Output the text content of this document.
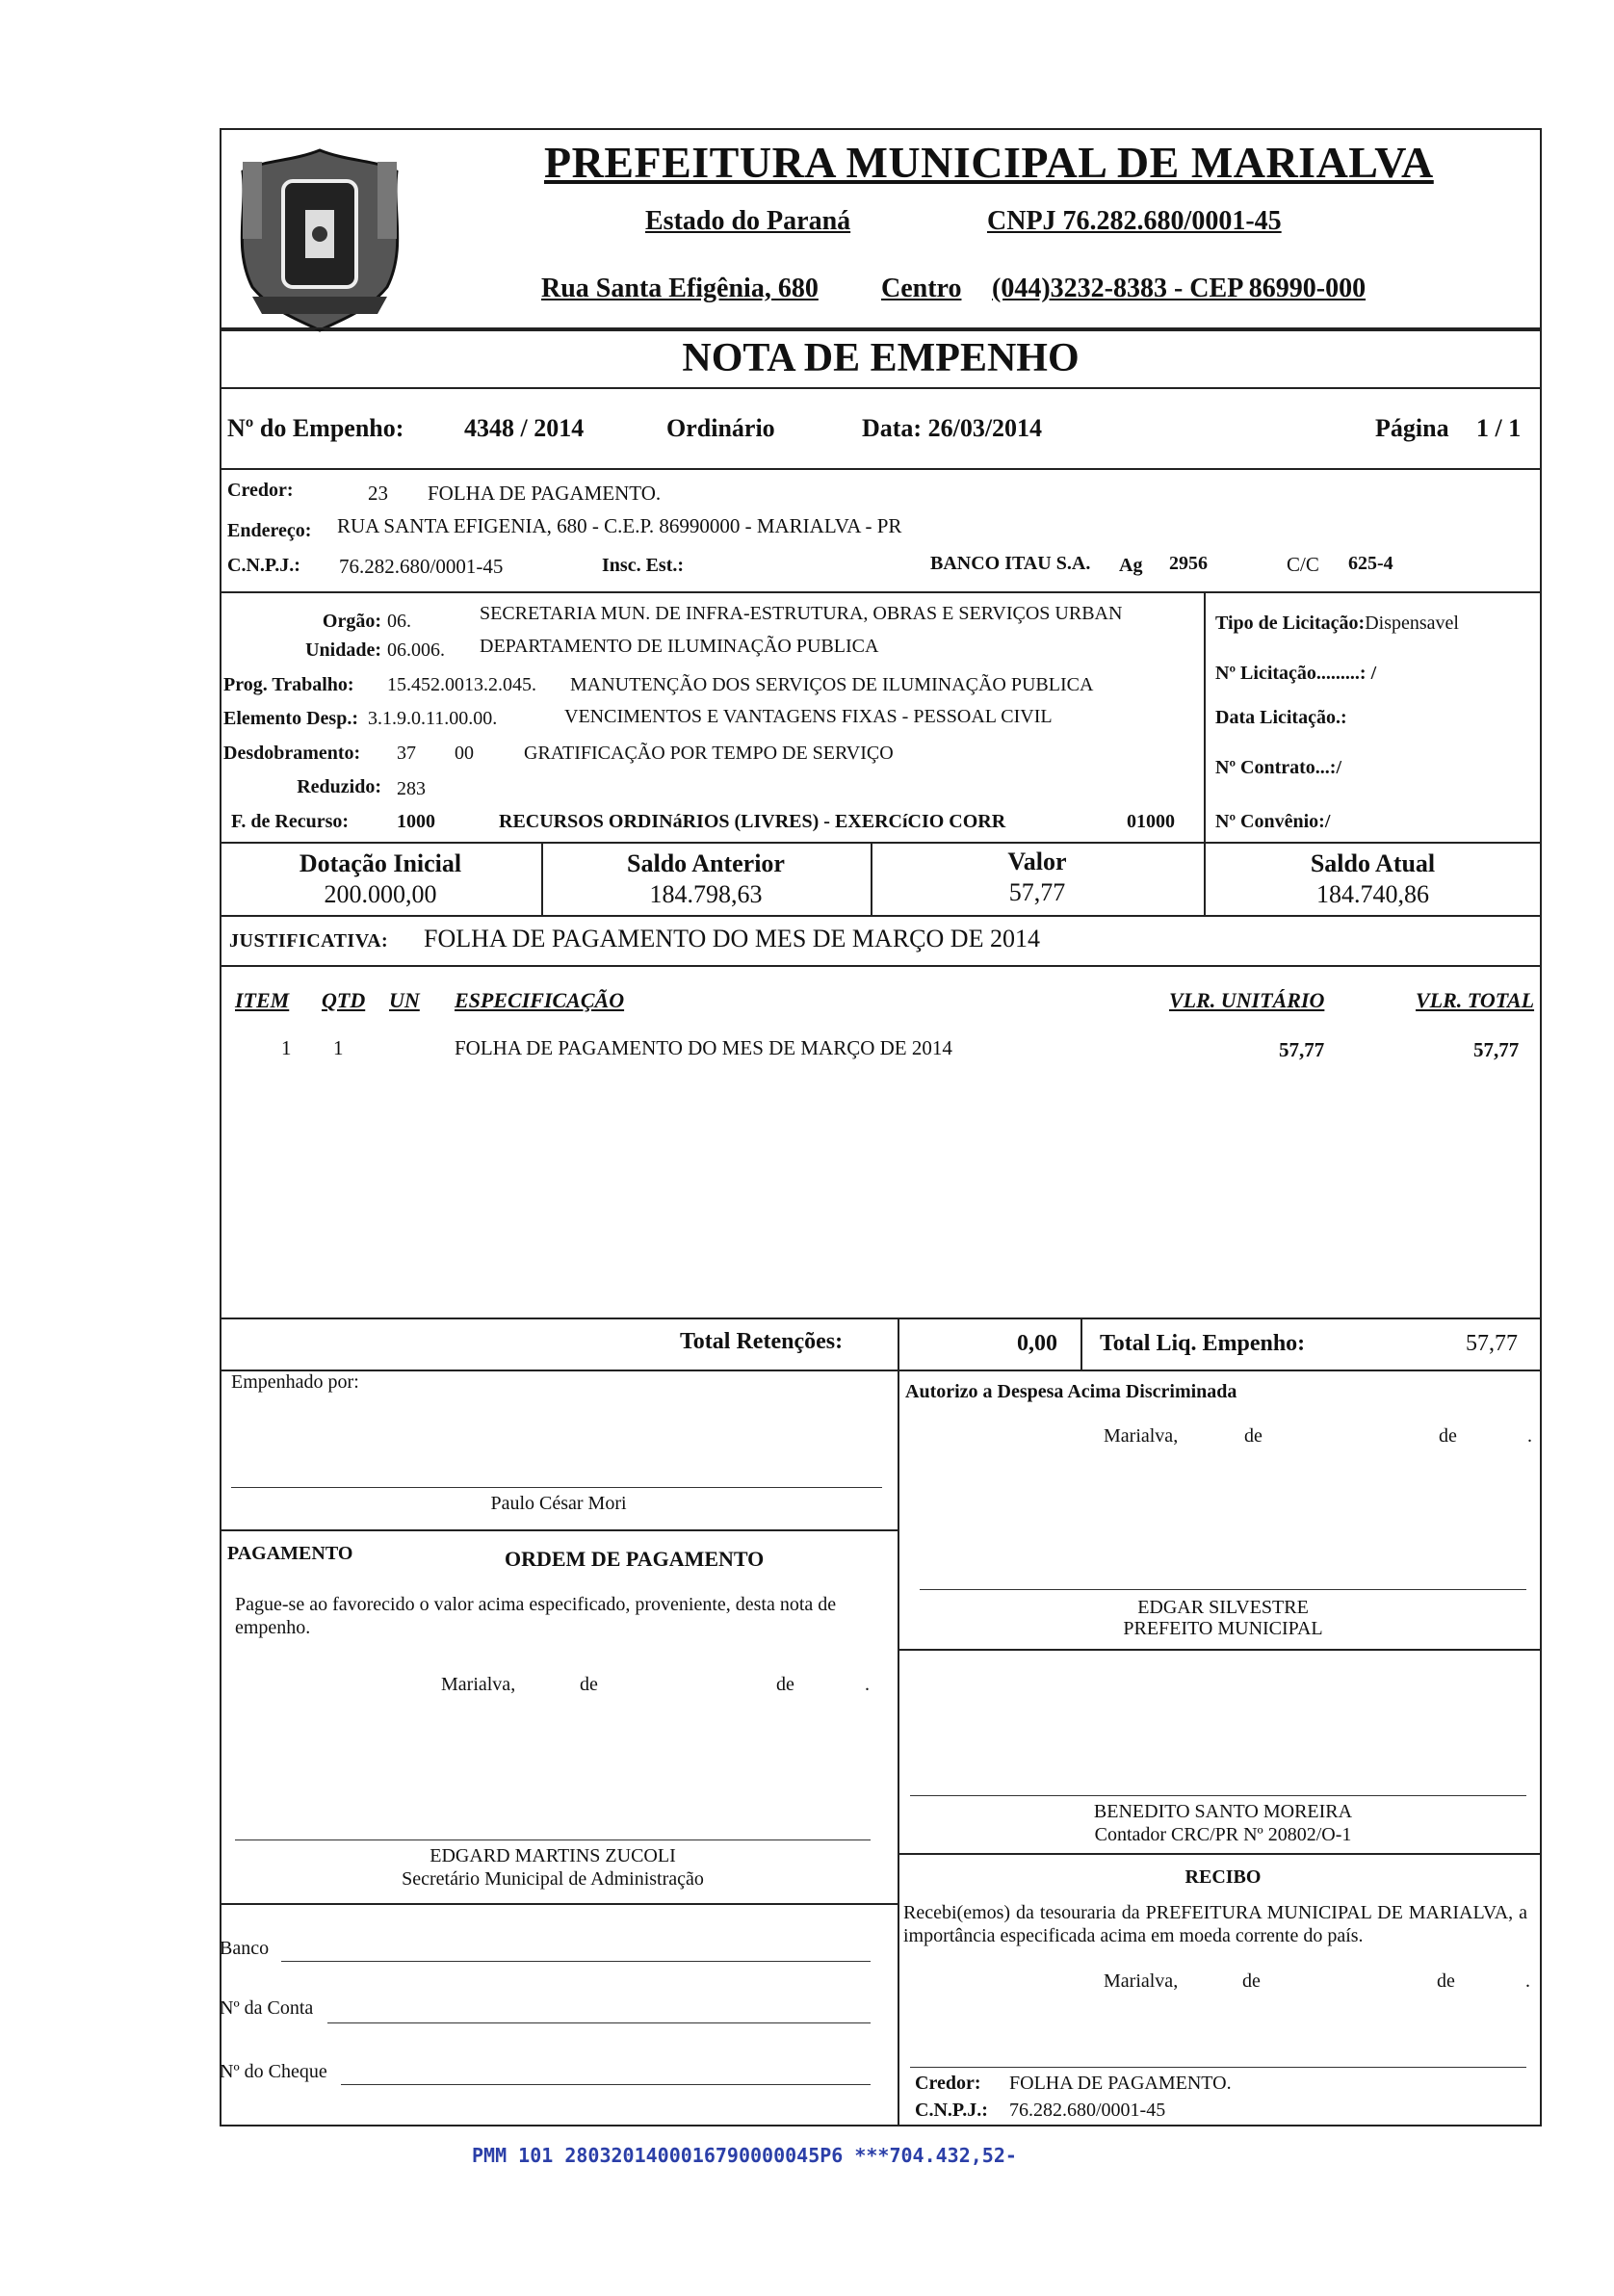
PREFEITURA MUNICIPAL DE MARIALVA
Estado do Paraná	CNPJ 76.282.680/0001-45
Rua Santa Efigênia, 680 Centro (044)3232-8383 - CEP 86990-000
NOTA DE EMPENHO
Nº do Empenho: 4348 / 2014	Ordinário	Data: 26/03/2014	Página 1 / 1
Credor:	23 FOLHA DE PAGAMENTO.
Endereço: RUA SANTA EFIGENIA, 680 - C.E.P. 86990000 - MARIALVA - PR
C.N.P.J.: 76.282.680/0001-45	Insc. Est.:	BANCO ITAU S.A. Ag 2956	C/C 625-4
Orgão: 06.	SECRETARIA MUN. DE INFRA-ESTRUTURA, OBRAS E SERVIÇOS URBAN
Unidade: 06.006. DEPARTAMENTO DE ILUMINAÇÃO PUBLICA
Prog. Trabalho: 15.452.0013.2.045. MANUTENÇÃO DOS SERVIÇOS DE ILUMINAÇÃO PUBLICA
Elemento Desp.: 3.1.9.0.11.00.00.	VENCIMENTOS E VANTAGENS FIXAS - PESSOAL CIVIL
Desdobramento: 37 00	GRATIFICAÇÃO POR TEMPO DE SERVIÇO
Reduzido: 283
F. de Recurso: 1000	RECURSOS ORDINáRIOS (LIVRES) - EXERCíCIO CORR	01000
Tipo de Licitação:Dispensavel
Nº Licitação.........: /
Data Licitação.:
Nº Contrato...:/
Nº Convênio:/
Dotação Inicial
200.000,00
Saldo Anterior
184.798,63
Valor
57,77
Saldo Atual
184.740,86
JUSTIFICATIVA: FOLHA DE PAGAMENTO DO MES DE MARÇO DE 2014
ITEM QTD UN ESPECIFICAÇÃO	VLR. UNITÁRIO	VLR. TOTAL
1 1	FOLHA DE PAGAMENTO DO MES DE MARÇO DE 2014	57,77	57,77
Total Retenções:	0,00 Total Liq. Empenho:	57,77
Empenhado por:
Paulo César Mori
Autorizo a Despesa Acima Discriminada
Marialva,	de	de	.
EDGAR SILVESTRE
PREFEITO MUNICIPAL
PAGAMENTO	ORDEM DE PAGAMENTO
Pague-se ao favorecido o valor acima especificado, proveniente, desta nota de empenho.
Marialva,	de	de	.
EDGARD MARTINS ZUCOLI
Secretário Municipal de Administração
BENEDITO SANTO MOREIRA
Contador CRC/PR Nº 20802/O-1
RECIBO
Recebi(emos) da tesouraria da PREFEITURA MUNICIPAL DE MARIALVA, a importância especificada acima em moeda corrente do país.
Marialva,	de	de	.
Credor: FOLHA DE PAGAMENTO.
C.N.P.J.: 76.282.680/0001-45
Banco
Nº da Conta
Nº do Cheque
PMM 101 2803201400016790000045P6 ***704.432,52-
